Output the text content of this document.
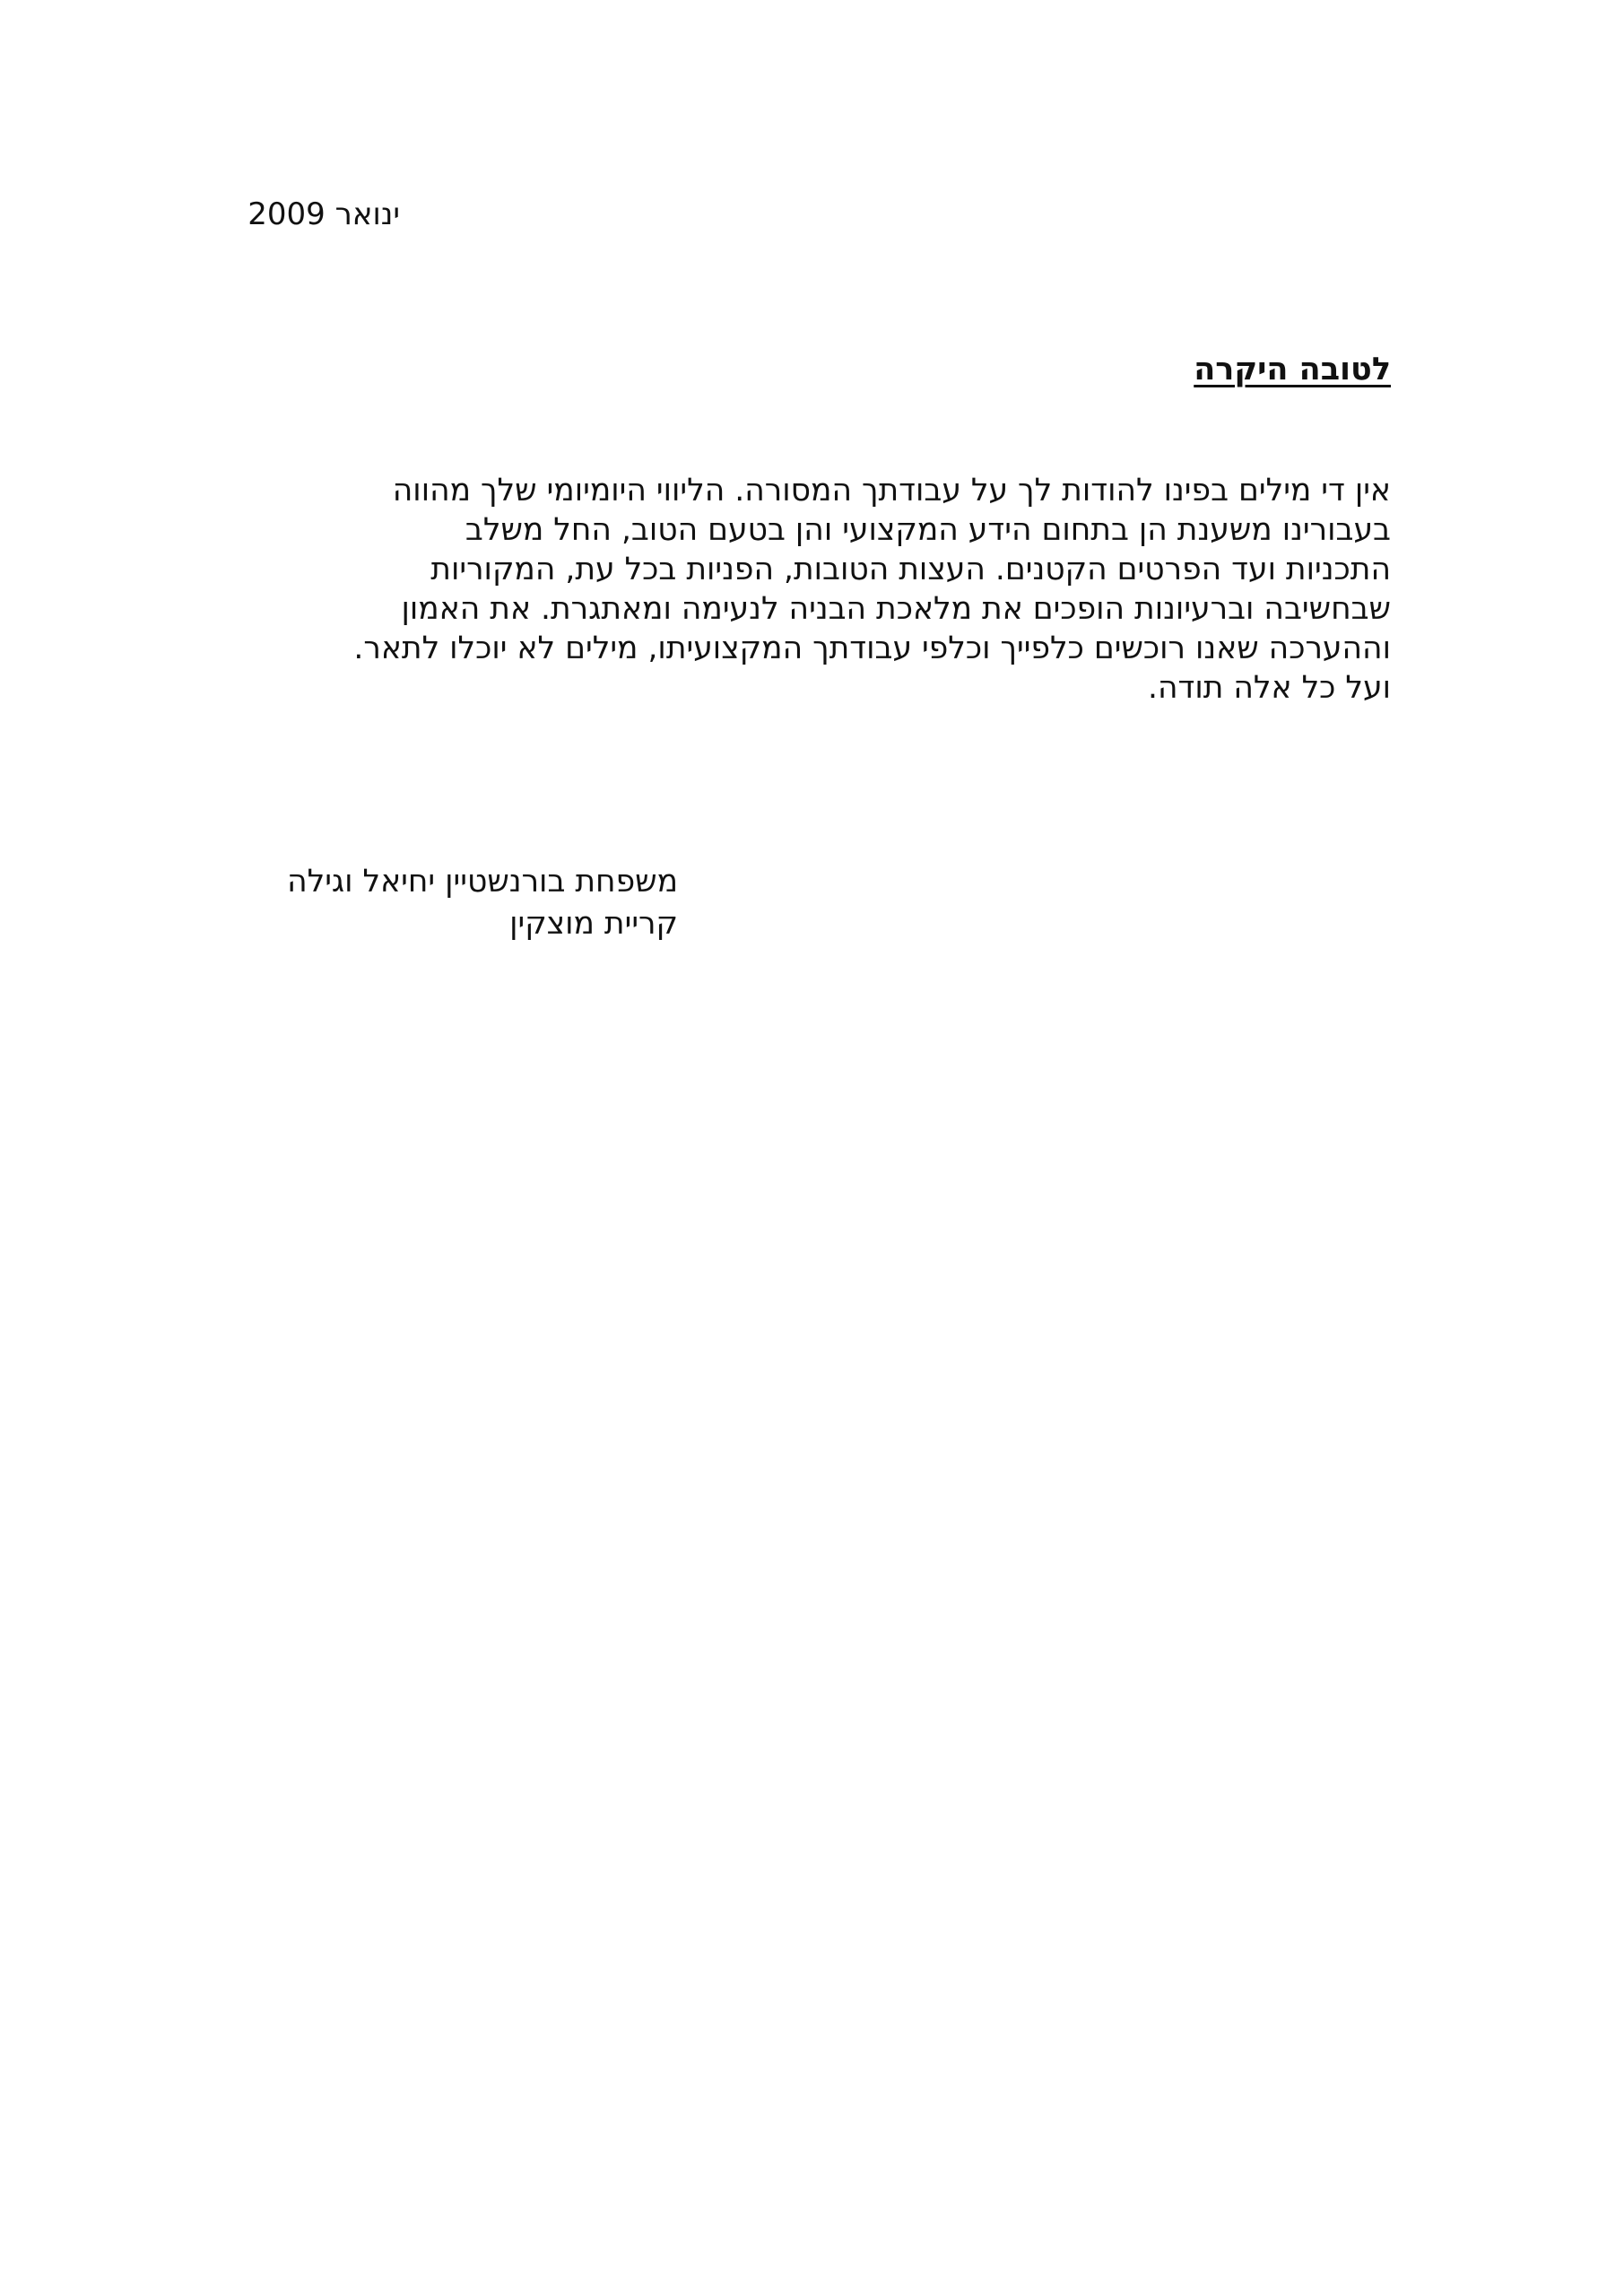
ינואר 2009
לטובה היקרה
אין די מילים בפינו להודות לך על עבודתך המסורה. הליווי היומיומי שלך מהווה
בעבורינו משענת הן בתחום הידע המקצועי והן בטעם הטוב, החל משלב
התכניות ועד הפרטים הקטנים. העצות הטובות, הפניות בכל עת, המקוריות
שבחשיבה וברעיונות הופכים את מלאכת הבניה לנעימה ומאתגרת. את האמון
וההערכה שאנו רוכשים כלפייך וכלפי עבודתך המקצועיתו, מילים לא יוכלו לתאר.
ועל כל אלה תודה.
משפחת בורנשטיין יחיאל וגילה
קריית מוצקין
